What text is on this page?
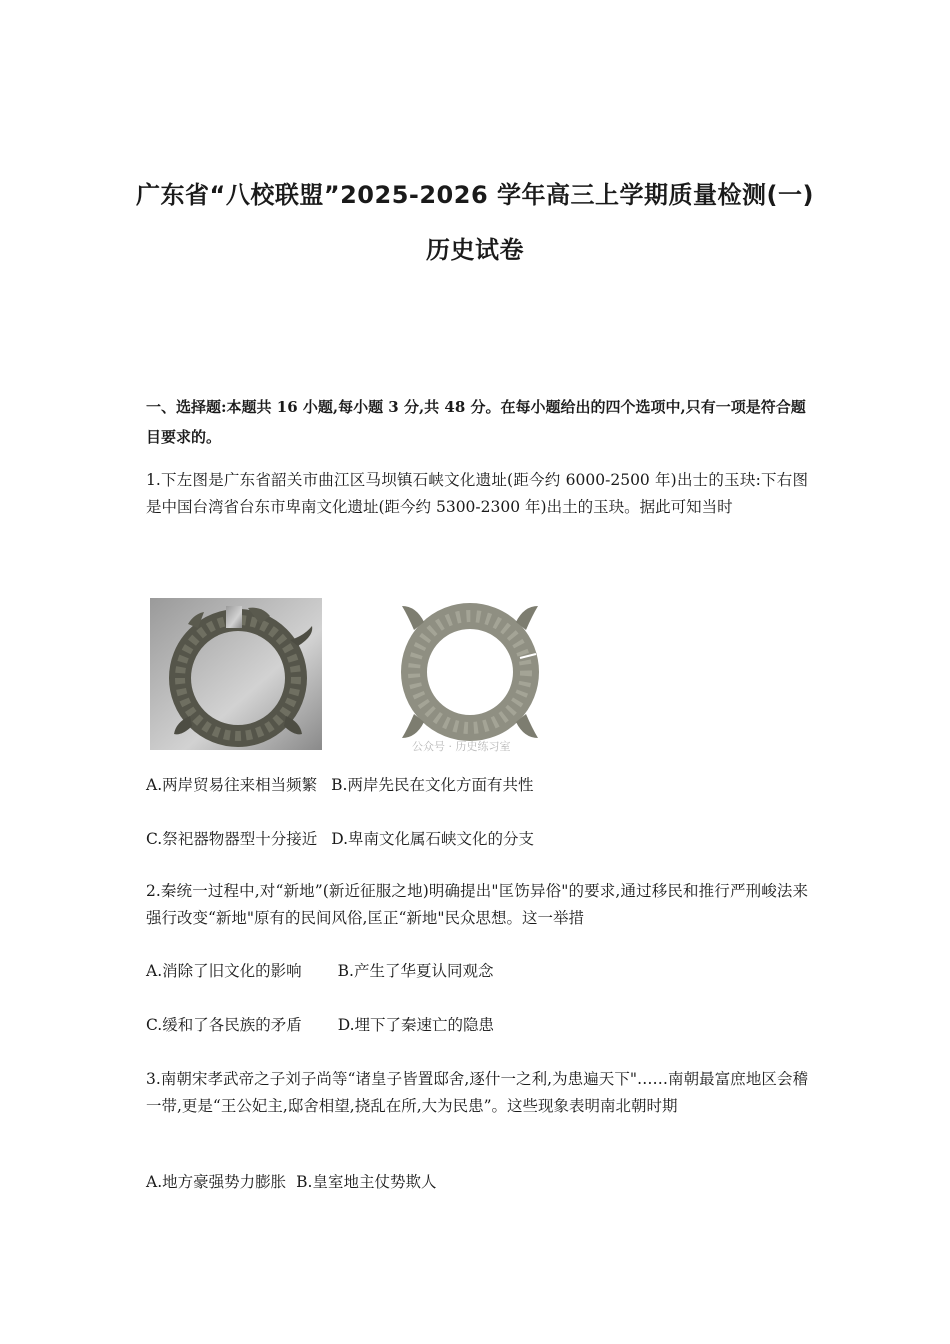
广东省“八校联盟”2025-2026 学年高三上学期质量检测(一)
历史试卷
一、选择题:本题共 16 小题,每小题 3 分,共 48 分。在每小题给出的四个选项中,只有一项是符合题目要求的。
1.下左图是广东省韶关市曲江区马坝镇石峡文化遗址(距今约 6000-2500 年)出士的玉玦:下右图是中国台湾省台东市卑南文化遗址(距今约 5300-2300 年)出土的玉玦。据此可知当时
公众号 · 历史练习室
A.两岸贸易往来相当频繁 B.两岸先民在文化方面有共性
C.祭祀器物器型十分接近 D.卑南文化属石峡文化的分支
2.秦统一过程中,对“新地”(新近征服之地)明确提出"匡饬异俗"的要求,通过移民和推行严刑峻法来强行改变“新地"原有的民间风俗,匡正“新地"民众思想。这一举措
A.消除了旧文化的影响 B.产生了华夏认同观念
C.缓和了各民族的矛盾 D.埋下了秦速亡的隐患
3.南朝宋孝武帝之子刘子尚等“诸皇子皆置邸舍,逐什一之利,为患遍天下"……南朝最富庶地区会稽一带,更是“王公妃主,邸舍相望,挠乱在所,大为民患”。这些现象表明南北朝时期
A.地方豪强势力膨胀 B.皇室地主仗势欺人
